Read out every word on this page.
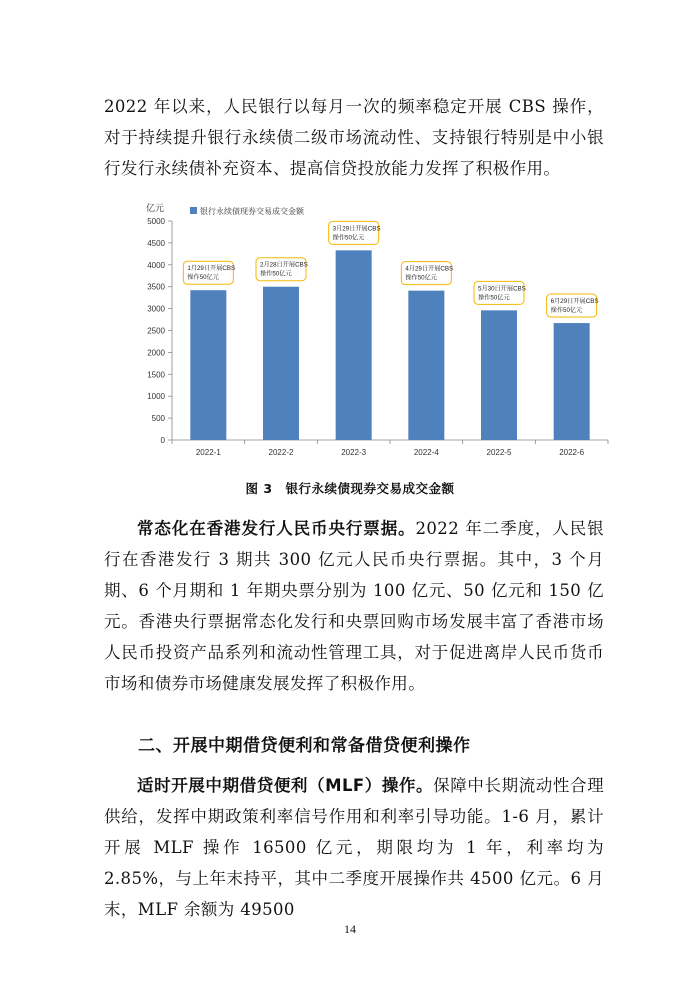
2022 年以来，人民银行以每月一次的频率稳定开展 CBS 操作，对于持续提升银行永续债二级市场流动性、支持银行特别是中小银行发行永续债补充资本、提高信贷投放能力发挥了积极作用。

亿元	银行永续债现券交易成交金额
0
500
1000
1500
2000
2500
3000
3500
4000
4500
5000
2022-1	2022-2	2022-3	2022-4	2022-5	2022-6
1月29日开展CBS
操作50亿元
2月28日开展CBS
操作50亿元
3月29日开展CBS
操作50亿元
4月29日开展CBS
操作50亿元
5月30日开展CBS
操作50亿元
6月29日开展CBS
操作50亿元
图 3　银行永续债现券交易成交金额

常态化在香港发行人民币央行票据。2022 年二季度，人民银行在香港发行 3 期共 300 亿元人民币央行票据。其中，3 个月期、6 个月期和 1 年期央票分别为 100 亿元、50 亿元和 150 亿元。香港央行票据常态化发行和央票回购市场发展丰富了香港市场人民币投资产品系列和流动性管理工具，对于促进离岸人民币货币市场和债券市场健康发展发挥了积极作用。

二、开展中期借贷便利和常备借贷便利操作

适时开展中期借贷便利（MLF）操作。保障中长期流动性合理供给，发挥中期政策利率信号作用和利率引导功能。1-6 月，累计开展 MLF 操作 16500 亿元，期限均为 1 年，利率均为 2.85%，与上年末持平，其中二季度开展操作共 4500 亿元。6 月末，MLF 余额为 49500

14
